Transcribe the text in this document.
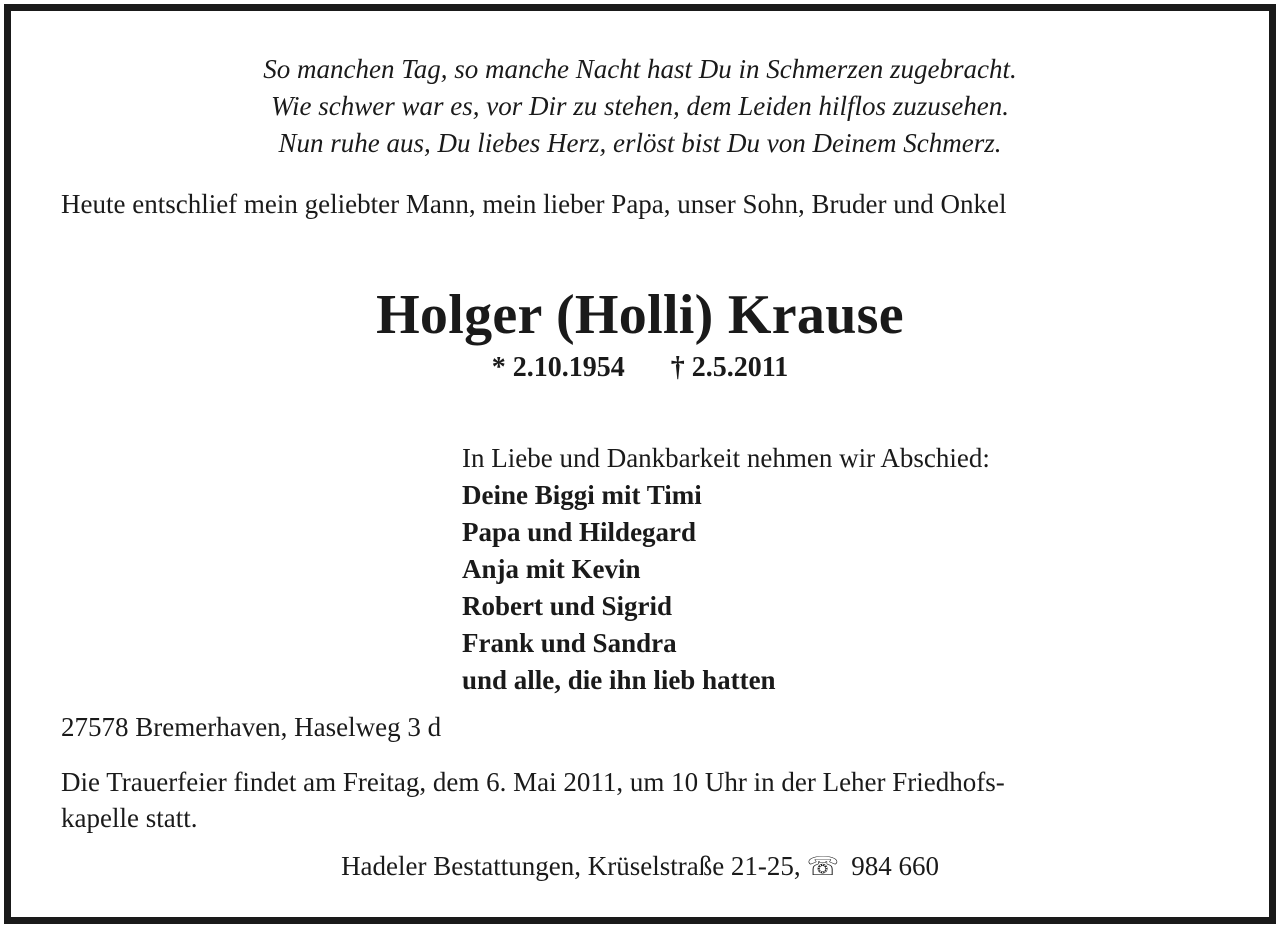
So manchen Tag, so manche Nacht hast Du in Schmerzen zugebracht.
Wie schwer war es, vor Dir zu stehen, dem Leiden hilflos zuzusehen.
Nun ruhe aus, Du liebes Herz, erlöst bist Du von Deinem Schmerz.
Heute entschlief mein geliebter Mann, mein lieber Papa, unser Sohn, Bruder und Onkel
Holger (Holli) Krause
* 2.10.1954 † 2.5.2011
In Liebe und Dankbarkeit nehmen wir Abschied:
Deine Biggi mit Timi
Papa und Hildegard
Anja mit Kevin
Robert und Sigrid
Frank und Sandra
und alle, die ihn lieb hatten
27578 Bremerhaven, Haselweg 3 d
Die Trauerfeier findet am Freitag, dem 6. Mai 2011, um 10 Uhr in der Leher Friedhofs-
kapelle statt.
Hadeler Bestattungen, Krüselstraße 21-25, ☏ 984 660
